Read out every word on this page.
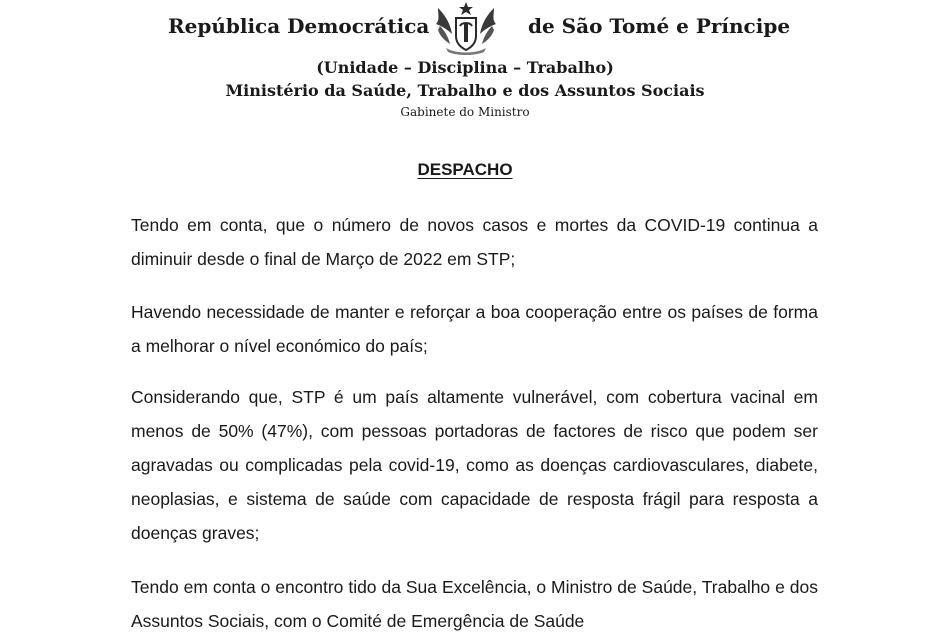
República Democrática	de São Tomé e Príncipe
(Unidade – Disciplina – Trabalho)
Ministério da Saúde, Trabalho e dos Assuntos Sociais
Gabinete do Ministro
DESPACHO
Tendo em conta, que o número de novos casos e mortes da COVID-19 continua a diminuir desde o final de Março de 2022 em STP;
Havendo necessidade de manter e reforçar a boa cooperação entre os países de forma a melhorar o nível económico do país;
Considerando que, STP é um país altamente vulnerável, com cobertura vacinal em menos de 50% (47%), com pessoas portadoras de factores de risco que podem ser agravadas ou complicadas pela covid-19, como as doenças cardiovasculares, diabete, neoplasias, e sistema de saúde com capacidade de resposta frágil para resposta a doenças graves;
Tendo em conta o encontro tido da Sua Excelência, o Ministro de Saúde, Trabalho e dos Assuntos Sociais, com o Comité de Emergência de Saúde
